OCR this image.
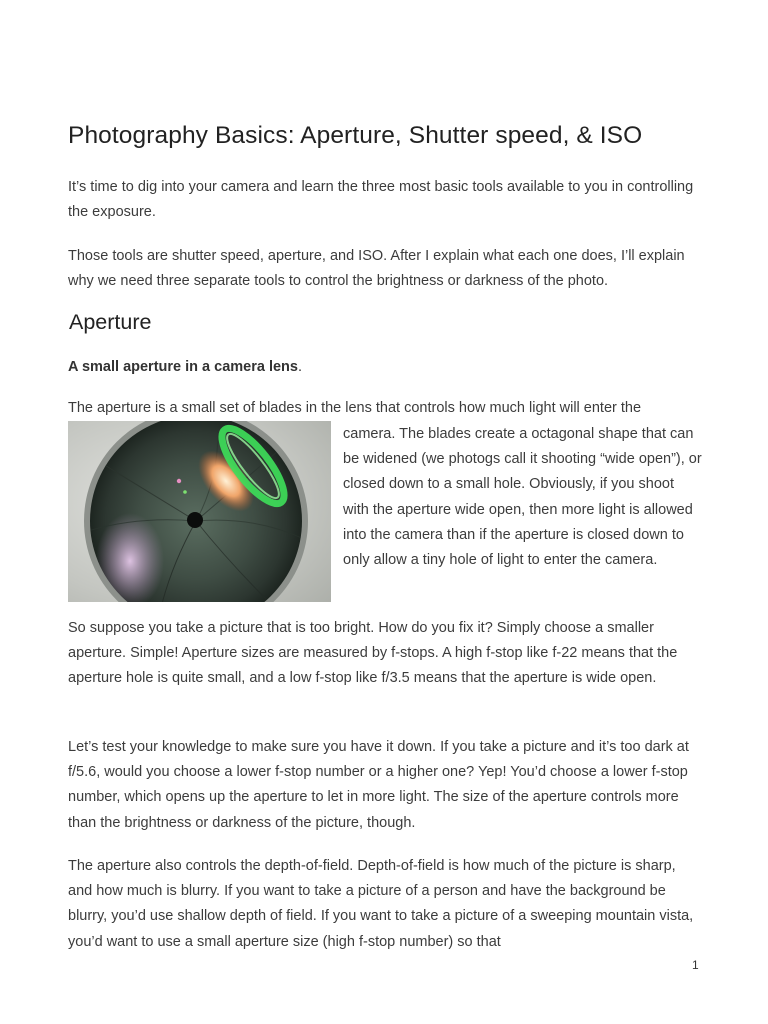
Photography Basics: Aperture, Shutter speed, & ISO

It’s time to dig into your camera and learn the three most basic tools available to you in controlling the exposure.

Those tools are shutter speed, aperture, and ISO. After I explain what each one does, I’ll explain why we need three separate tools to control the brightness or darkness of the photo.

Aperture

A small aperture in a camera lens.

The aperture is a small set of blades in the lens that controls how much light will enter the

camera. The blades create a octagonal shape that can be widened (we photogs call it shooting “wide open”), or closed down to a small hole. Obviously, if you shoot with the aperture wide open, then more light is allowed into the camera than if the aperture is closed down to only allow a tiny hole of light to enter the camera.

So suppose you take a picture that is too bright. How do you fix it? Simply choose a smaller aperture. Simple! Aperture sizes are measured by f-stops. A high f-stop like f-22 means that the aperture hole is quite small, and a low f-stop like f/3.5 means that the aperture is wide open.

Let’s test your knowledge to make sure you have it down. If you take a picture and it’s too dark at f/5.6, would you choose a lower f-stop number or a higher one? Yep! You’d choose a lower f-stop number, which opens up the aperture to let in more light. The size of the aperture controls more than the brightness or darkness of the picture, though.

The aperture also controls the depth-of-field. Depth-of-field is how much of the picture is sharp, and how much is blurry. If you want to take a picture of a person and have the background be blurry, you’d use shallow depth of field. If you want to take a picture of a sweeping mountain vista, you’d want to use a small aperture size (high f-stop number) so that

1
